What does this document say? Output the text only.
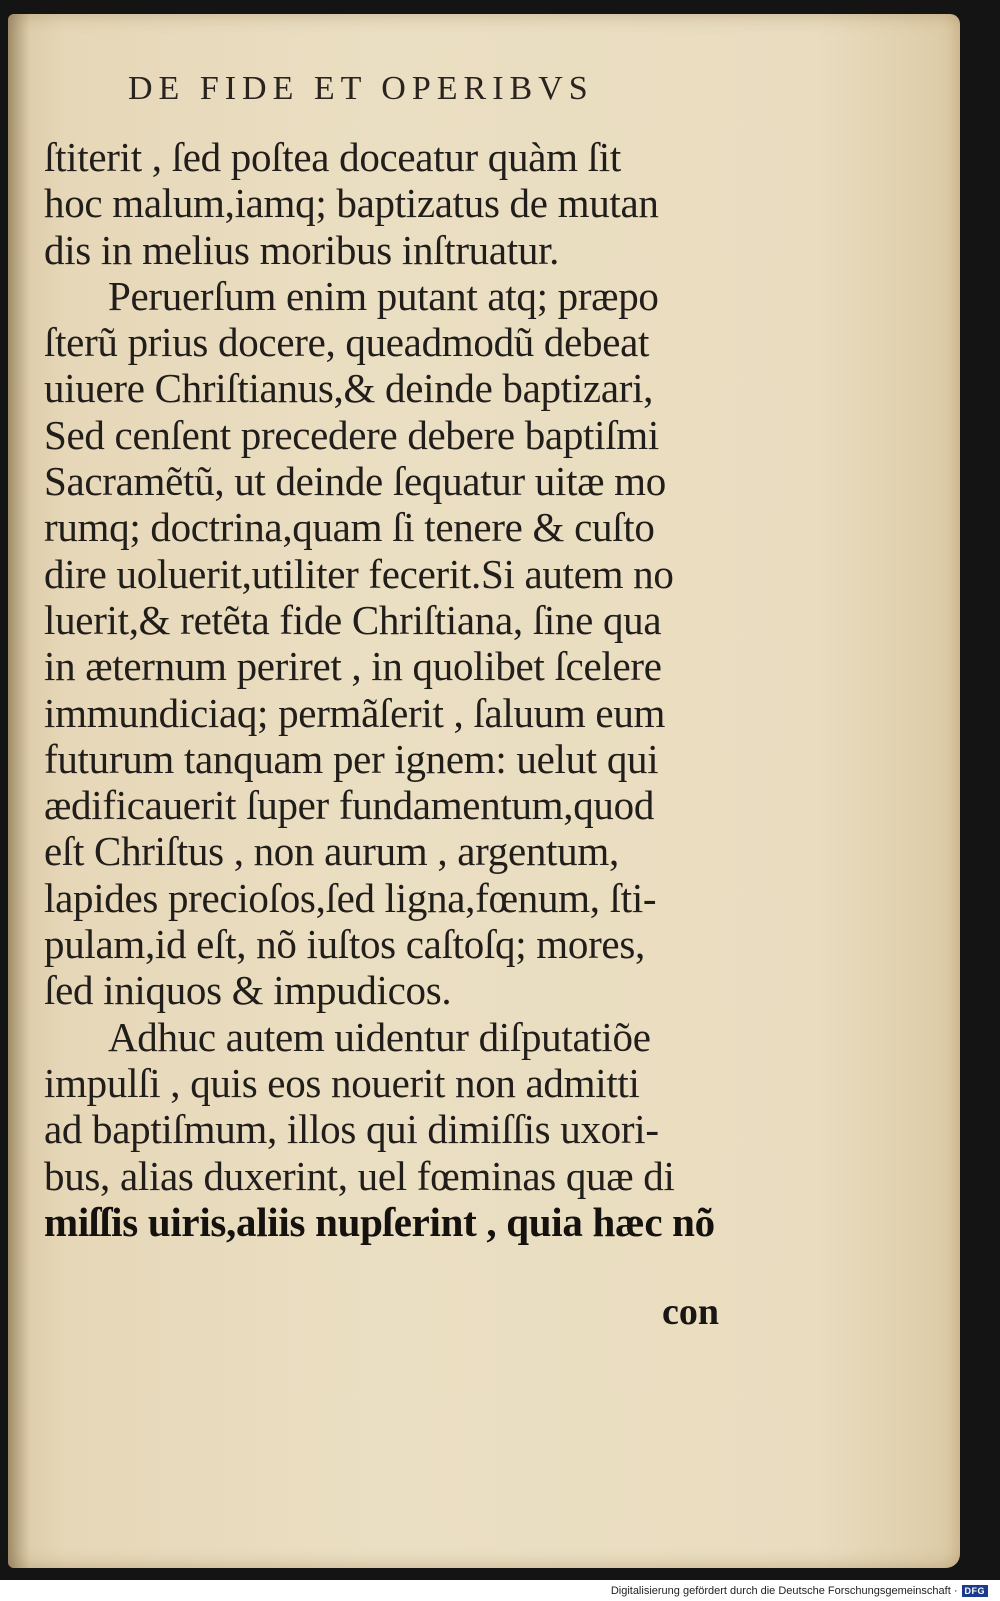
DE FIDE ET OPERIBVS
ſtiterit , ſed poſtea doceatur quàm ſit
hoc malum,iamq; baptizatus de mutan
dis in melius moribus inſtruatur.
Peruerſum enim putant atq; præpo
ſterũ prius docere, queadmodũ debeat
uiuere Chriſtianus,& deinde baptizari,
Sed cenſent precedere debere baptiſmi
Sacramẽtũ, ut deinde ſequatur uitæ mo
rumq; doctrina,quam ſi tenere & cuſto
dire uoluerit,utiliter fecerit.Si autem no
luerit,& retẽta fide Chriſtiana, ſine qua
in æternum periret , in quolibet ſcelere
immundiciaq; permãſerit , ſaluum eum
futurum tanquam per ignem: uelut qui
ædificauerit ſuper fundamentum,quod
eſt Chriſtus , non aurum , argentum,
lapides precioſos,ſed ligna,fœnum, ſti-
pulam,id eſt, nõ iuſtos caſtoſq; mores,
ſed iniquos & impudicos.
Adhuc autem uidentur diſputatiõe
impulſi , quis eos nouerit non admitti
ad baptiſmum, illos qui dimiſſis uxori-
bus, alias duxerint, uel fœminas quæ di
miſſis uiris,aliis nupſerint , quia hæc nõ
con
Digitalisierung gefördert durch die Deutsche Forschungsgemeinschaft · DFG
